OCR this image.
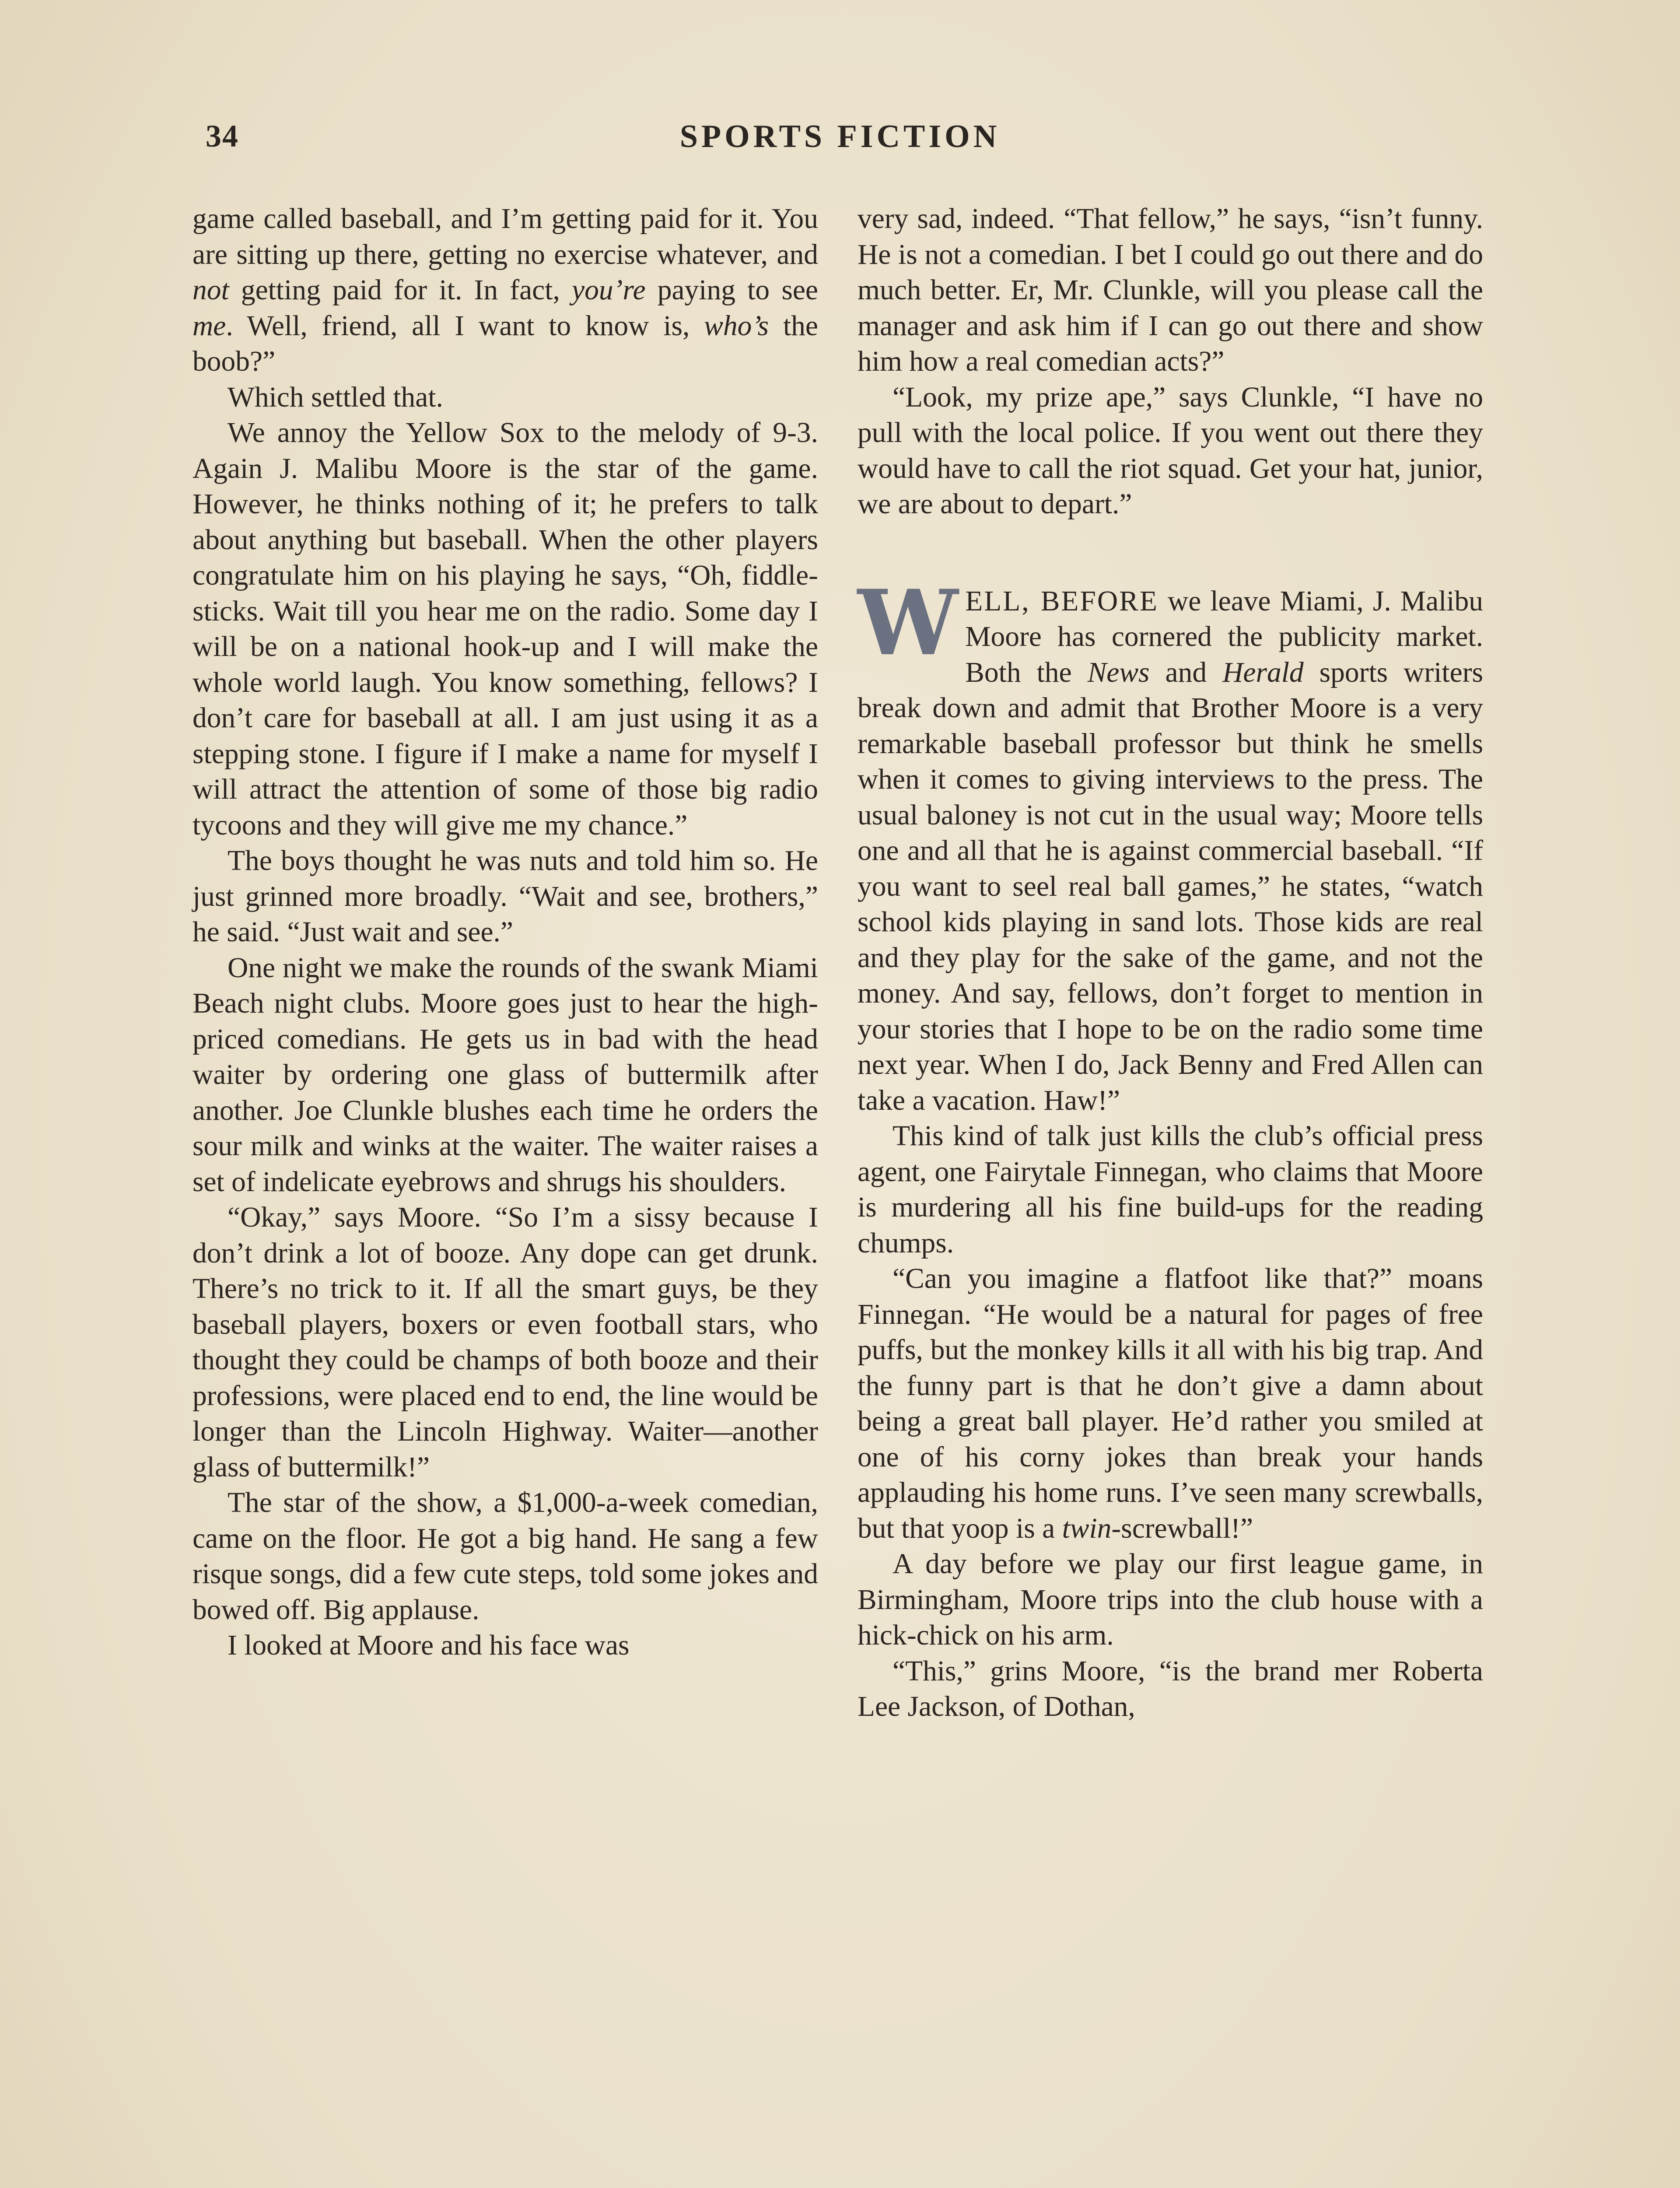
34	SPORTS FICTION

game called baseball, and I’m getting paid for it. You are sitting up there, getting no exercise whatever, and not getting paid for it. In fact, you’re paying to see me. Well, friend, all I want to know is, who’s the boob?”

Which settled that.

We annoy the Yellow Sox to the melody of 9-3. Again J. Malibu Moore is the star of the game. However, he thinks nothing of it; he prefers to talk about anything but baseball. When the other players congratulate him on his playing he says, “Oh, fiddle-sticks. Wait till you hear me on the radio. Some day I will be on a national hook-up and I will make the whole world laugh. You know something, fellows? I don’t care for baseball at all. I am just using it as a stepping stone. I figure if I make a name for myself I will attract the attention of some of those big radio tycoons and they will give me my chance.”

The boys thought he was nuts and told him so. He just grinned more broadly. “Wait and see, brothers,” he said. “Just wait and see.”

One night we make the rounds of the swank Miami Beach night clubs. Moore goes just to hear the high-priced comedians. He gets us in bad with the head waiter by ordering one glass of buttermilk after another. Joe Clunkle blushes each time he orders the sour milk and winks at the waiter. The waiter raises a set of indelicate eyebrows and shrugs his shoulders.

“Okay,” says Moore. “So I’m a sissy because I don’t drink a lot of booze. Any dope can get drunk. There’s no trick to it. If all the smart guys, be they baseball players, boxers or even football stars, who thought they could be champs of both booze and their professions, were placed end to end, the line would be longer than the Lincoln Highway. Waiter—another glass of buttermilk!”

The star of the show, a $1,000-a-week comedian, came on the floor. He got a big hand. He sang a few risque songs, did a few cute steps, told some jokes and bowed off. Big applause.

I looked at Moore and his face was

very sad, indeed. “That fellow,” he says, “isn’t funny. He is not a comedian. I bet I could go out there and do much better. Er, Mr. Clunkle, will you please call the manager and ask him if I can go out there and show him how a real comedian acts?”

“Look, my prize ape,” says Clunkle, “I have no pull with the local police. If you went out there they would have to call the riot squad. Get your hat, junior, we are about to depart.”

WELL, BEFORE we leave Miami, J. Malibu Moore has cornered the publicity market. Both the News and Herald sports writers break down and admit that Brother Moore is a very remarkable baseball professor but think he smells when it comes to giving interviews to the press. The usual baloney is not cut in the usual way; Moore tells one and all that he is against commercial baseball. “If you want to seel real ball games,” he states, “watch school kids playing in sand lots. Those kids are real and they play for the sake of the game, and not the money. And say, fellows, don’t forget to mention in your stories that I hope to be on the radio some time next year. When I do, Jack Benny and Fred Allen can take a vacation. Haw!”

This kind of talk just kills the club’s official press agent, one Fairytale Finnegan, who claims that Moore is murdering all his fine build-ups for the reading chumps.

“Can you imagine a flatfoot like that?” moans Finnegan. “He would be a natural for pages of free puffs, but the monkey kills it all with his big trap. And the funny part is that he don’t give a damn about being a great ball player. He’d rather you smiled at one of his corny jokes than break your hands applauding his home runs. I’ve seen many screwballs, but that yoop is a twin-screwball!”

A day before we play our first league game, in Birmingham, Moore trips into the club house with a hick-chick on his arm.

“This,” grins Moore, “is the brand mer Roberta Lee Jackson, of Dothan,
